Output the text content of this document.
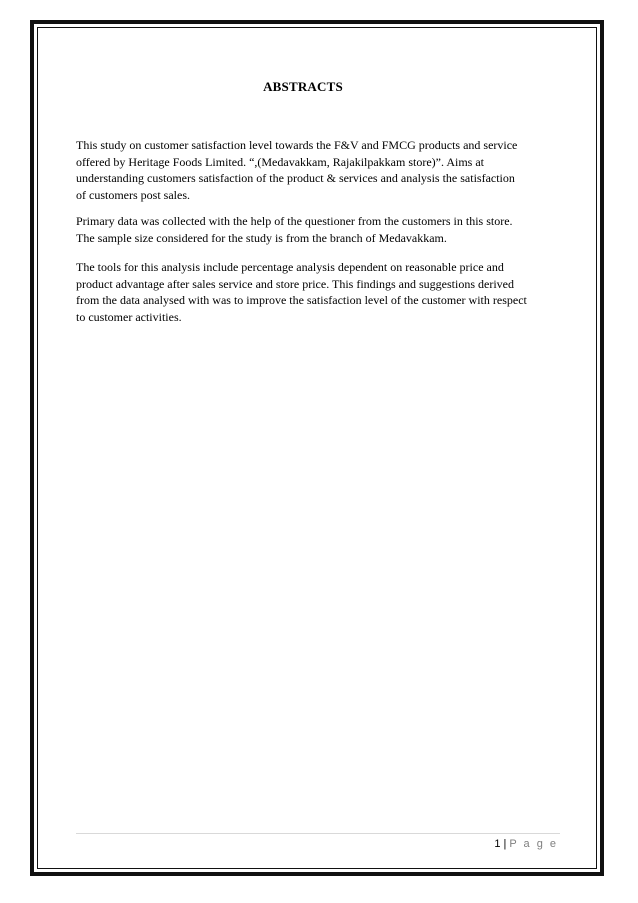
ABSTRACTS
This study on customer satisfaction level towards the F&V and FMCG products and service
offered by Heritage Foods Limited. “,(Medavakkam, Rajakilpakkam store)”. Aims at
understanding customers satisfaction of the product & services and analysis the satisfaction
of customers post sales.
Primary data was collected with the help of the questioner from the customers in this store.
The sample size considered for the study is from the branch of Medavakkam.
The tools for this analysis include percentage analysis dependent on reasonable price and
product advantage after sales service and store price. This findings and suggestions derived
from the data analysed with was to improve the satisfaction level of the customer with respect
to customer activities.
1 | P a g e
